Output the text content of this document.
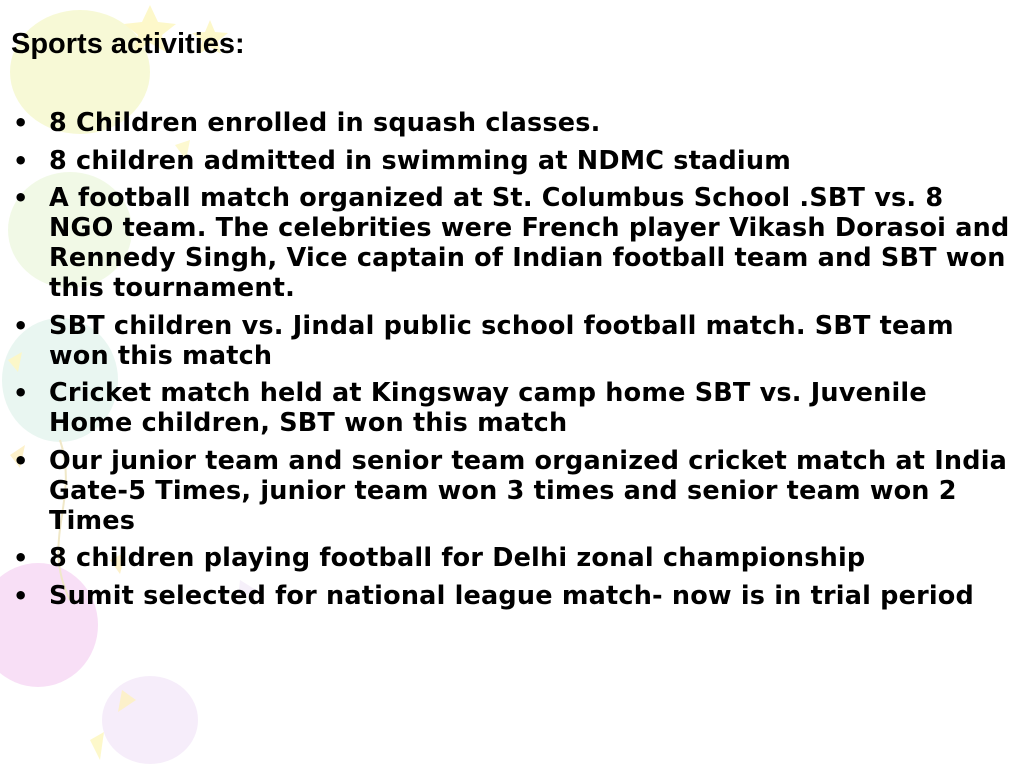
Sports activities:
• 8 Children enrolled in squash classes.
• 8 children admitted in swimming at NDMC stadium
• A football match organized at St. Columbus School .SBT vs. 8 NGO team. The celebrities were French player Vikash Dorasoi and Rennedy Singh, Vice captain of Indian football team and SBT won this tournament.
• SBT children vs. Jindal public school football match. SBT team won this match
• Cricket match held at Kingsway camp home SBT vs. Juvenile Home children, SBT won this match
• Our junior team and senior team organized cricket match at India Gate-5 Times, junior team won 3 times and senior team won 2 Times
• 8 children playing football for Delhi zonal championship
• Sumit selected for national league match- now is in trial period
